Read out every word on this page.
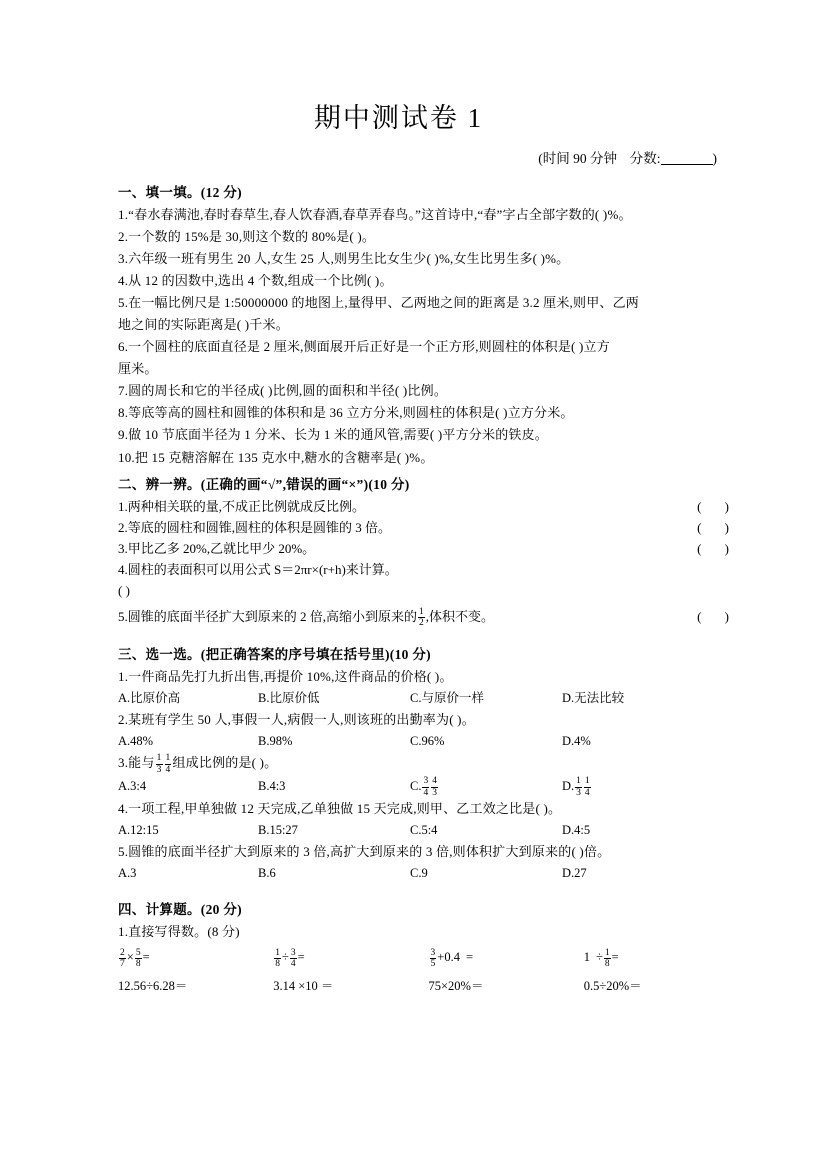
期中测试卷 1
(时间 90 分钟 分数:	)
一、填一填。(12 分)

1.“春水春满池,春时春草生,春人饮春酒,春草弄春鸟。”这首诗中,“春”字占全部字数的( )%。

2.一个数的 15%是 30,则这个数的 80%是( )。

3.六年级一班有男生 20 人,女生 25 人,则男生比女生少( )%,女生比男生多( )%。

4.从 12 的因数中,选出 4 个数,组成一个比例( )。

5.在一幅比例尺是 1:50000000 的地图上,量得甲、乙两地之间的距离是 3.2 厘米,则甲、乙两

地之间的实际距离是( )千米。

6.一个圆柱的底面直径是 2 厘米,侧面展开后正好是一个正方形,则圆柱的体积是( )立方

厘米。

7.圆的周长和它的半径成( )比例,圆的面积和半径( )比例。

8.等底等高的圆柱和圆锥的体积和是 36 立方分米,则圆柱的体积是( )立方分米。

9.做 10 节底面半径为 1 分米、长为 1 米的通风管,需要( )平方分米的铁皮。

10.把 15 克糖溶解在 135 克水中,糖水的含糖率是( )%。

二、辨一辨。(正确的画“√”,错误的画“×”)(10 分)
1.两种相关联的量,不成正比例就成反比例。	( )
2.等底的圆柱和圆锥,圆柱的体积是圆锥的 3 倍。	( )
3.甲比乙多 20%,乙就比甲少 20%。	( )
4.圆柱的表面积可以用公式 S＝2πr×(r+h)来计算。
( )
5.圆锥的底面半径扩大到原来的 2 倍,高缩小到原来的 $\frac{1}{2}$ ,体积不变。	( )
三、选一选。(把正确答案的序号填在括号里)(10 分)

1.一件商品先打九折出售,再提价 10%,这件商品的价格( )。

A.比原价高	B.比原价低	C.与原价一样	D.无法比较

2.某班有学生 50 人,事假一人,病假一人,则该班的出勤率为( )。

A.48%	B.98%	C.96%	D.4%

3.能与 $\frac{1}{3} \frac{1}{4}$ 组成比例的是( )。

A.3:4	B.4:3	C. $\frac{3}{4} \frac{4}{3}$	D. $\frac{1}{3} \frac{1}{4}$

4.一项工程,甲单独做 12 天完成,乙单独做 15 天完成,则甲、乙工效之比是( )。

A.12:15	B.15:27	C.5:4	D.4:5

5.圆锥的底面半径扩大到原来的 3 倍,高扩大到原来的 3 倍,则体积扩大到原来的( )倍。

A.3	B.6	C.9	D.27
四、计算题。(20 分)

1.直接写得数。(8 分)

$\frac{2}{7} \times \frac{5}{8}$ =	$\frac{1}{8} \div \frac{3}{4}$ =	$\frac{3}{5} +0.4$ =	$1 \div \frac{1}{8}$ =
12.56÷6.28＝	3.14 ×10 ＝	75×20%＝	0.5÷20%＝
